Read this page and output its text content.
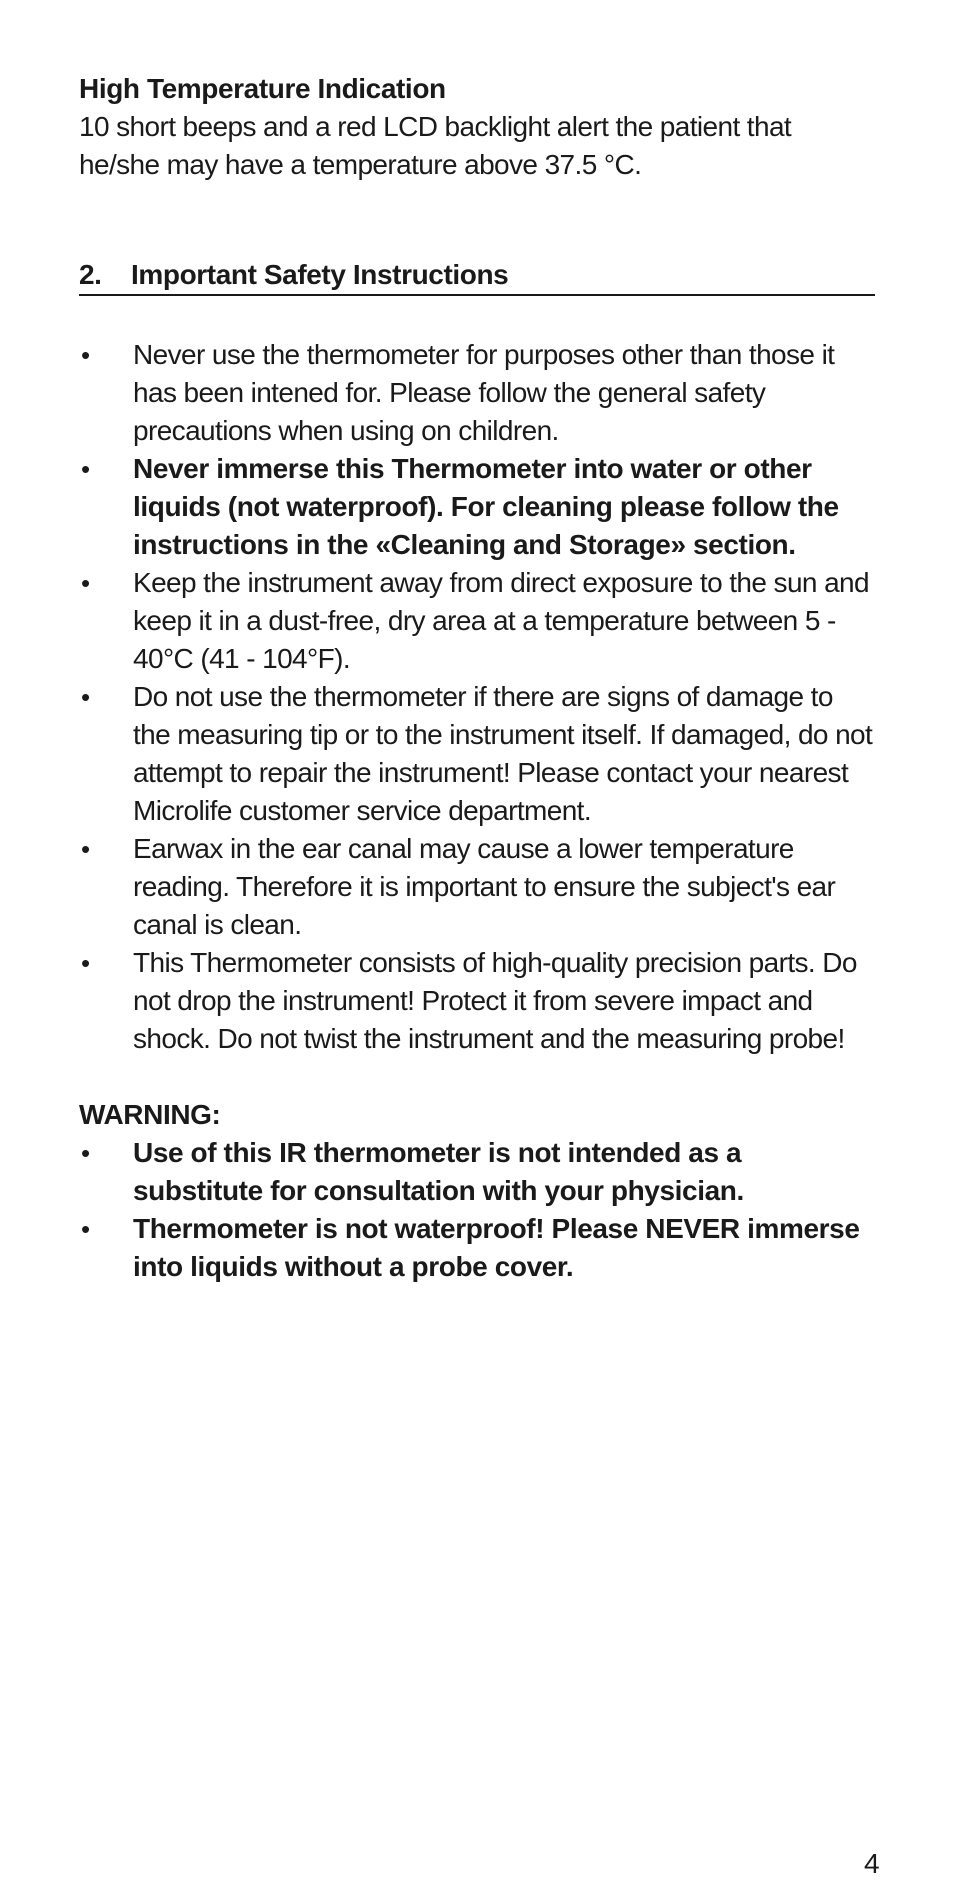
High Temperature Indication

10 short beeps and a red LCD backlight alert the patient that he/she may have a temperature above 37.5 °C.

2.	Important Safety Instructions
•	Never use the thermometer for purposes other than those it has been intened for. Please follow the general safety precautions when using on children.
•	Never immerse this Thermometer into water or other liquids (not waterproof). For cleaning please follow the instructions in the «Cleaning and Storage» section.
•	Keep the instrument away from direct exposure to the sun and keep it in a dust-free, dry area at a temperature between 5 - 40°C (41 - 104°F).
•	Do not use the thermometer if there are signs of damage to the measuring tip or to the instrument itself. If damaged, do not attempt to repair the instrument! Please contact your nearest Microlife customer service department.
•	Earwax in the ear canal may cause a lower temperature reading. Therefore it is important to ensure the subject's ear canal is clean.
•	This Thermometer consists of high-quality precision parts. Do not drop the instrument! Protect it from severe impact and shock. Do not twist the instrument and the measuring probe!
WARNING:
•	Use of this IR thermometer is not intended as a substitute for consultation with your physician.
•	Thermometer is not waterproof! Please NEVER immerse into liquids without a probe cover.
4
